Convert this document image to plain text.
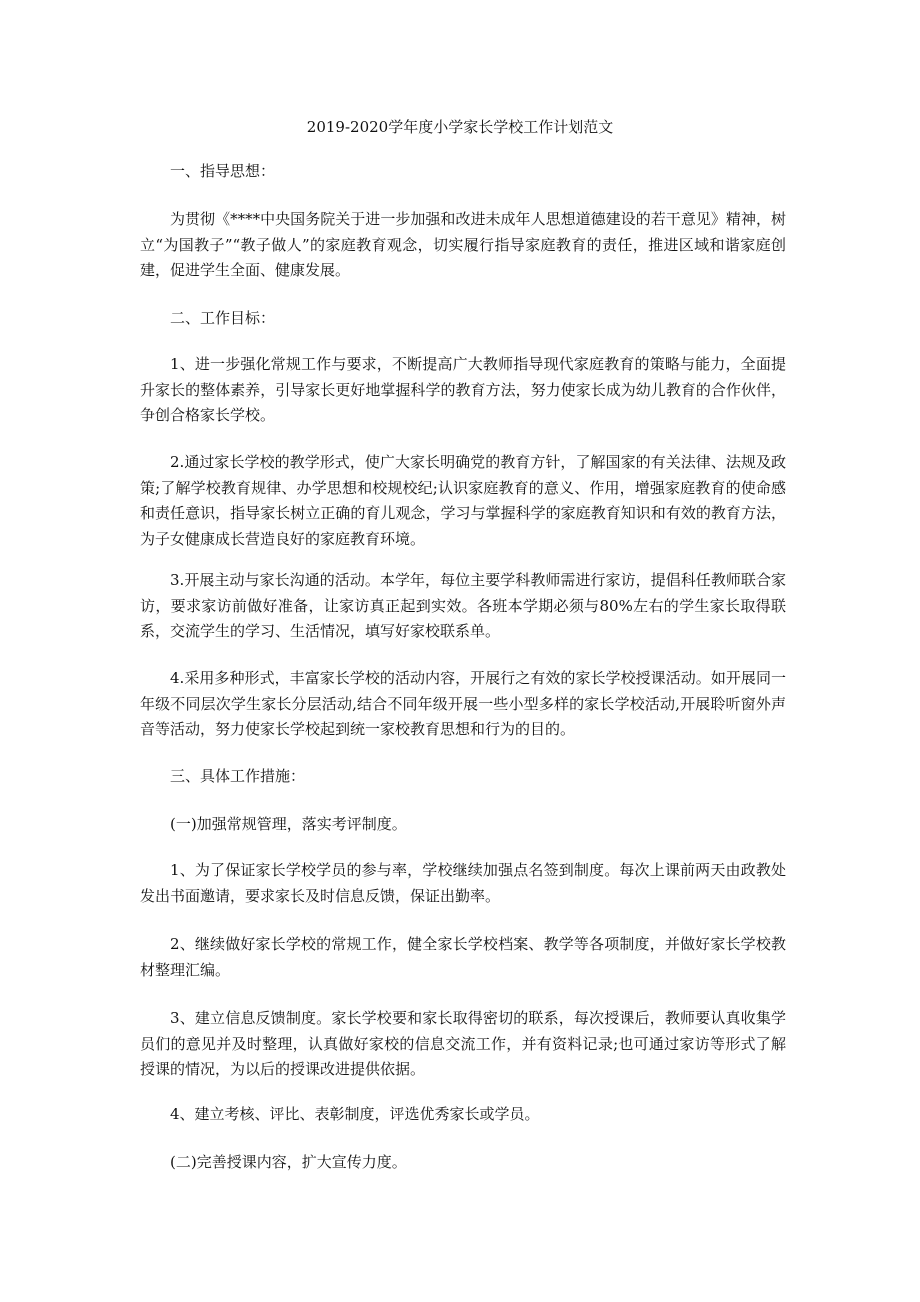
2019-2020学年度小学家长学校工作计划范文

一、指导思想：

为贯彻《****中央国务院关于进一步加强和改进未成年人思想道德建设的若干意见》精神，树立“为国教子”“教子做人”的家庭教育观念，切实履行指导家庭教育的责任，推进区域和谐家庭创建，促进学生全面、健康发展。

二、工作目标：

1、进一步强化常规工作与要求，不断提高广大教师指导现代家庭教育的策略与能力，全面提升家长的整体素养，引导家长更好地掌握科学的教育方法，努力使家长成为幼儿教育的合作伙伴，争创合格家长学校。

2.通过家长学校的教学形式，使广大家长明确党的教育方针，了解国家的有关法律、法规及政策;了解学校教育规律、办学思想和校规校纪;认识家庭教育的意义、作用，增强家庭教育的使命感和责任意识，指导家长树立正确的育儿观念，学习与掌握科学的家庭教育知识和有效的教育方法，为子女健康成长营造良好的家庭教育环境。

3.开展主动与家长沟通的活动。本学年，每位主要学科教师需进行家访，提倡科任教师联合家访，要求家访前做好准备，让家访真正起到实效。各班本学期必须与80%左右的学生家长取得联系，交流学生的学习、生活情况，填写好家校联系单。

4.采用多种形式，丰富家长学校的活动内容，开展行之有效的家长学校授课活动。如开展同一年级不同层次学生家长分层活动,结合不同年级开展一些小型多样的家长学校活动,开展聆听窗外声音等活动，努力使家长学校起到统一家校教育思想和行为的目的。

三、具体工作措施：

(一)加强常规管理，落实考评制度。

1、为了保证家长学校学员的参与率，学校继续加强点名签到制度。每次上课前两天由政教处发出书面邀请，要求家长及时信息反馈，保证出勤率。

2、继续做好家长学校的常规工作，健全家长学校档案、教学等各项制度，并做好家长学校教材整理汇编。

3、建立信息反馈制度。家长学校要和家长取得密切的联系，每次授课后，教师要认真收集学员们的意见并及时整理，认真做好家校的信息交流工作，并有资料记录;也可通过家访等形式了解授课的情况，为以后的授课改进提供依据。

4、建立考核、评比、表彰制度，评选优秀家长或学员。

(二)完善授课内容，扩大宣传力度。
